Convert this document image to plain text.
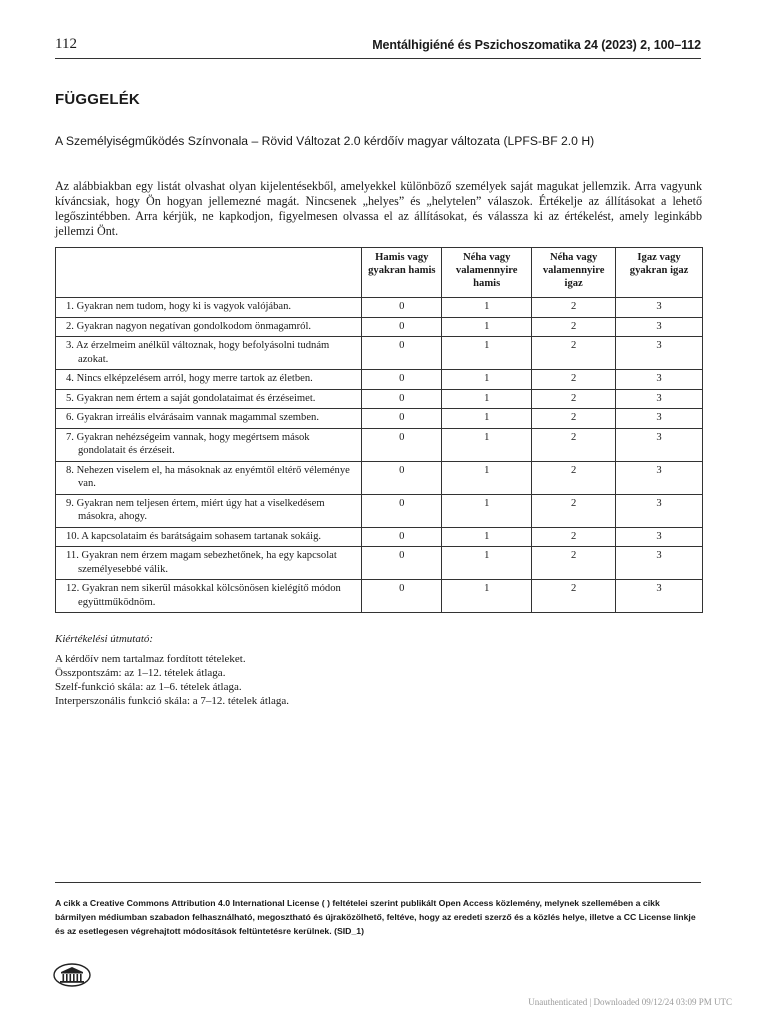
112	Mentálhigiéné és Pszichoszomatika 24 (2023) 2, 100–112
FÜGGELÉK
A Személyiségműködés Színvonala – Rövid Változat 2.0 kérdőív magyar változata (LPFS-BF 2.0 H)

Az alábbiakban egy listát olvashat olyan kijelentésekből, amelyekkel különböző személyek saját magukat jellemzik. Arra vagyunk kíváncsiak, hogy Ön hogyan jellemezné magát. Nincsenek „helyes” és „helytelen” válaszok. Értékelje az állításokat a lehető legőszintébben. Arra kérjük, ne kapkodjon, figyelmesen olvassa el az állításokat, és válassza ki az értékelést, amely leginkább jellemzi Önt.

	Hamis vagy gyakran hamis	Néha vagy valamennyire hamis	Néha vagy valamennyire igaz	Igaz vagy gyakran igaz

1. Gyakran nem tudom, hogy ki is vagyok valójában.	0	1	2	3

2. Gyakran nagyon negatívan gondolkodom önmagamról.	0	1	2	3

3. Az érzelmeim anélkül változnak, hogy befolyásolni tudnám azokat.	0	1	2	3

4. Nincs elképzelésem arról, hogy merre tartok az életben.	0	1	2	3

5. Gyakran nem értem a saját gondolataimat és érzéseimet.	0	1	2	3

6. Gyakran irreális elvárásaim vannak magammal szemben.	0	1	2	3

7. Gyakran nehézségeim vannak, hogy megértsem mások gondolatait és érzéseit.	0	1	2	3

8. Nehezen viselem el, ha másoknak az enyémtől eltérő véleménye van.	0	1	2	3

9. Gyakran nem teljesen értem, miért úgy hat a viselkedésem másokra, ahogy.	0	1	2	3

10. A kapcsolataim és barátságaim sohasem tartanak sokáig.	0	1	2	3

11. Gyakran nem érzem magam sebezhetőnek, ha egy kapcsolat személyesebbé válik.	0	1	2	3

12. Gyakran nem sikerül másokkal kölcsönösen kielégítő módon együttműködnöm.	0	1	2	3
Kiértékelési útmutató:
A kérdőív nem tartalmaz fordított tételeket.
Összpontszám: az 1–12. tételek átlaga.
Szelf-funkció skála: az 1–6. tételek átlaga.
Interperszonális funkció skála: a 7–12. tételek átlaga.

A cikk a Creative Commons Attribution 4.0 International License ( ) feltételei szerint publikált Open Access közlemény, melynek szellemében a cikk bármilyen médiumban szabadon felhasználható, megosztható és újraközölhető, feltéve, hogy az eredeti szerző és a közlés helye, illetve a CC License linkje és az esetlegesen végrehajtott módosítások feltüntetésre kerülnek. (SID_1)

Unauthenticated | Downloaded 09/12/24 03:09 PM UTC
